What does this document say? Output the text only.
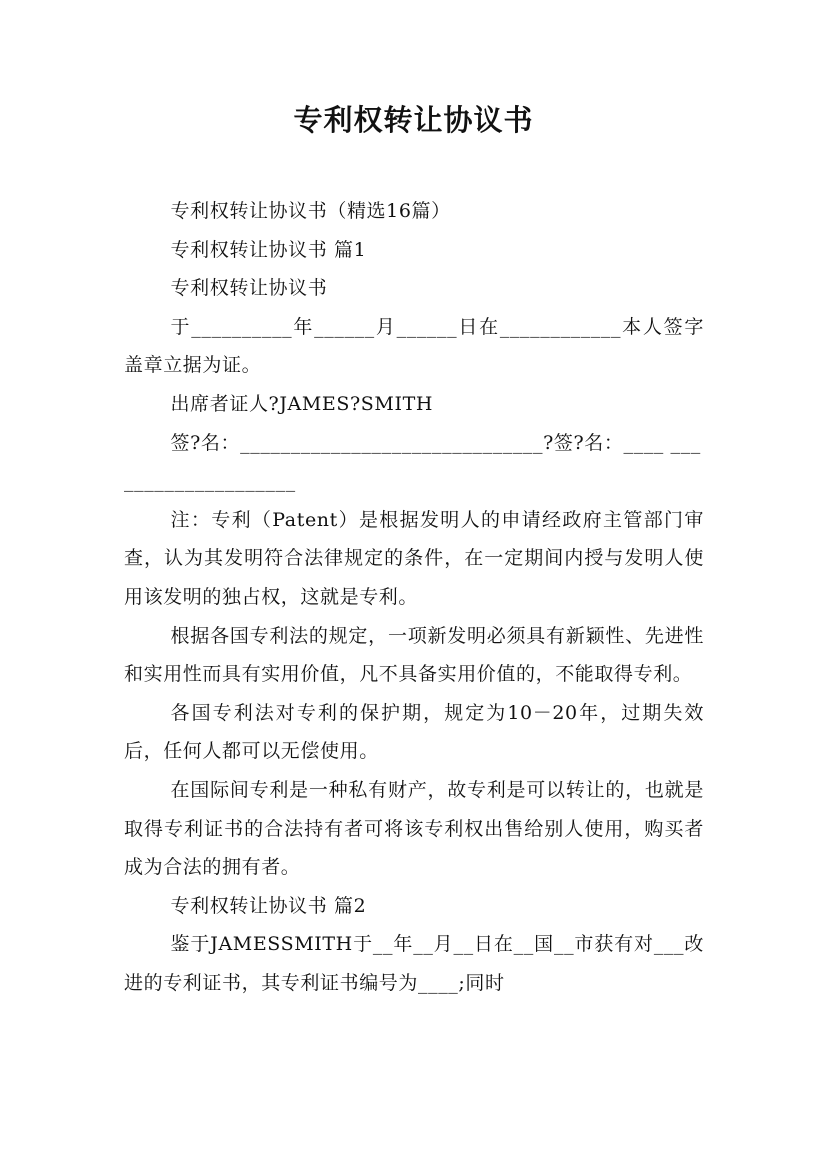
专利权转让协议书

专利权转让协议书（精选16篇）

专利权转让协议书 篇1

专利权转让协议书

于__________年______月______日在____________本人签字盖章立据为证。

出席者证人?JAMES?SMITH

签?名：______________________________?签?名：____ ____________________

注：专利（Patent）是根据发明人的申请经政府主管部门审查，认为其发明符合法律规定的条件，在一定期间内授与发明人使用该发明的独占权，这就是专利。

根据各国专利法的规定，一项新发明必须具有新颖性、先进性和实用性而具有实用价值，凡不具备实用价值的，不能取得专利。

各国专利法对专利的保护期，规定为10－20年，过期失效后，任何人都可以无偿使用。

在国际间专利是一种私有财产，故专利是可以转让的，也就是取得专利证书的合法持有者可将该专利权出售给别人使用，购买者成为合法的拥有者。

专利权转让协议书 篇2

鉴于JAMESSMITH于__年__月__日在__国__市获有对___改进的专利证书，其专利证书编号为____;同时
